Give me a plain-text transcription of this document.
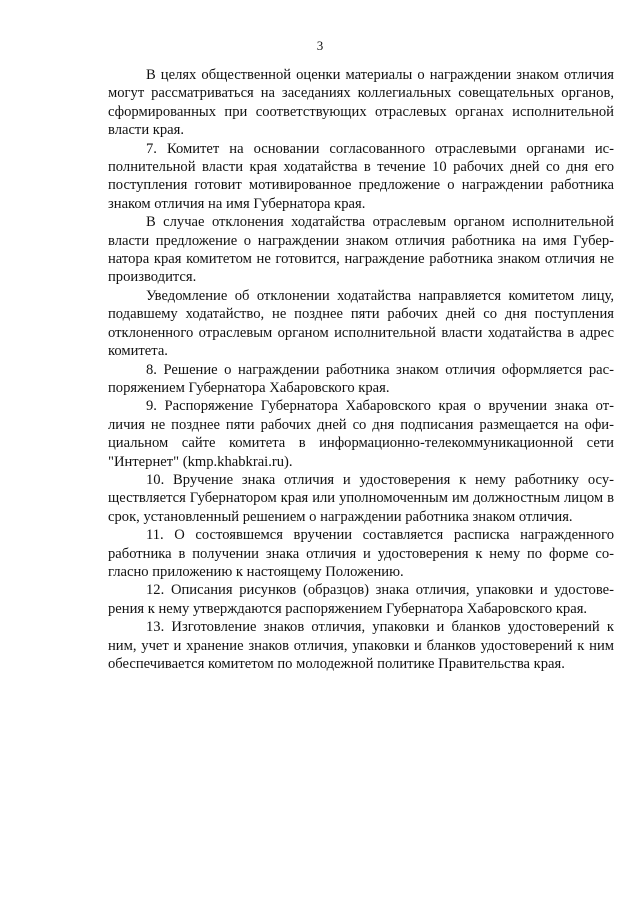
3

В целях общественной оценки материалы о награждении знаком отличия могут рассматриваться на заседаниях коллегиальных совещательных органов, сформированных при соответствующих отраслевых органах исполнительной власти края.

7. Комитет на основании согласованного отраслевыми органами исполнительной власти края ходатайства в течение 10 рабочих дней со дня его поступления готовит мотивированное предложение о награждении работника знаком отличия на имя Губернатора края.

В случае отклонения ходатайства отраслевым органом исполнительной власти предложение о награждении знаком отличия работника на имя Губернатора края комитетом не готовится, награждение работника знаком отличия не производится.

Уведомление об отклонении ходатайства направляется комитетом лицу, подавшему ходатайство, не позднее пяти рабочих дней со дня поступления отклоненного отраслевым органом исполнительной власти ходатайства в адрес комитета.

8. Решение о награждении работника знаком отличия оформляется распоряжением Губернатора Хабаровского края.

9. Распоряжение Губернатора Хабаровского края о вручении знака отличия не позднее пяти рабочих дней со дня подписания размещается на официальном сайте комитета в информационно-телекоммуникационной сети "Интернет" (kmp.khabkrai.ru).

10. Вручение знака отличия и удостоверения к нему работнику осуществляется Губернатором края или уполномоченным им должностным лицом в срок, установленный решением о награждении работника знаком отличия.

11. О состоявшемся вручении составляется расписка награжденного работника в получении знака отличия и удостоверения к нему по форме согласно приложению к настоящему Положению.

12. Описания рисунков (образцов) знака отличия, упаковки и удостоверения к нему утверждаются распоряжением Губернатора Хабаровского края.

13. Изготовление знаков отличия, упаковки и бланков удостоверений к ним, учет и хранение знаков отличия, упаковки и бланков удостоверений к ним обеспечивается комитетом по молодежной политике Правительства края.
